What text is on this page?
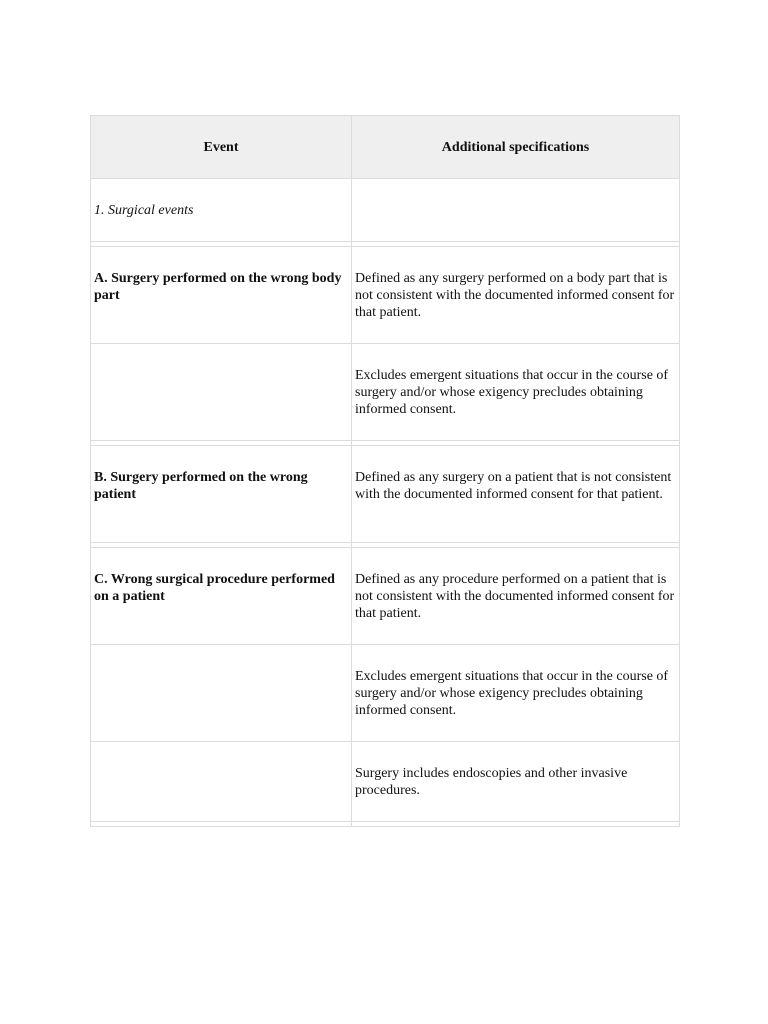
Event	Additional specifications

1. Surgical events	

A. Surgery performed on the wrong body part	Defined as any surgery performed on a body part that is not consistent with the documented informed consent for that patient.

	Excludes emergent situations that occur in the course of surgery and/or whose exigency precludes obtaining informed consent.

B. Surgery performed on the wrong patient	Defined as any surgery on a patient that is not consistent with the documented informed consent for that patient.

C. Wrong surgical procedure performed on a patient	Defined as any procedure performed on a patient that is not consistent with the documented informed consent for that patient.

	Excludes emergent situations that occur in the course of surgery and/or whose exigency precludes obtaining informed consent.

	Surgery includes endoscopies and other invasive procedures.
